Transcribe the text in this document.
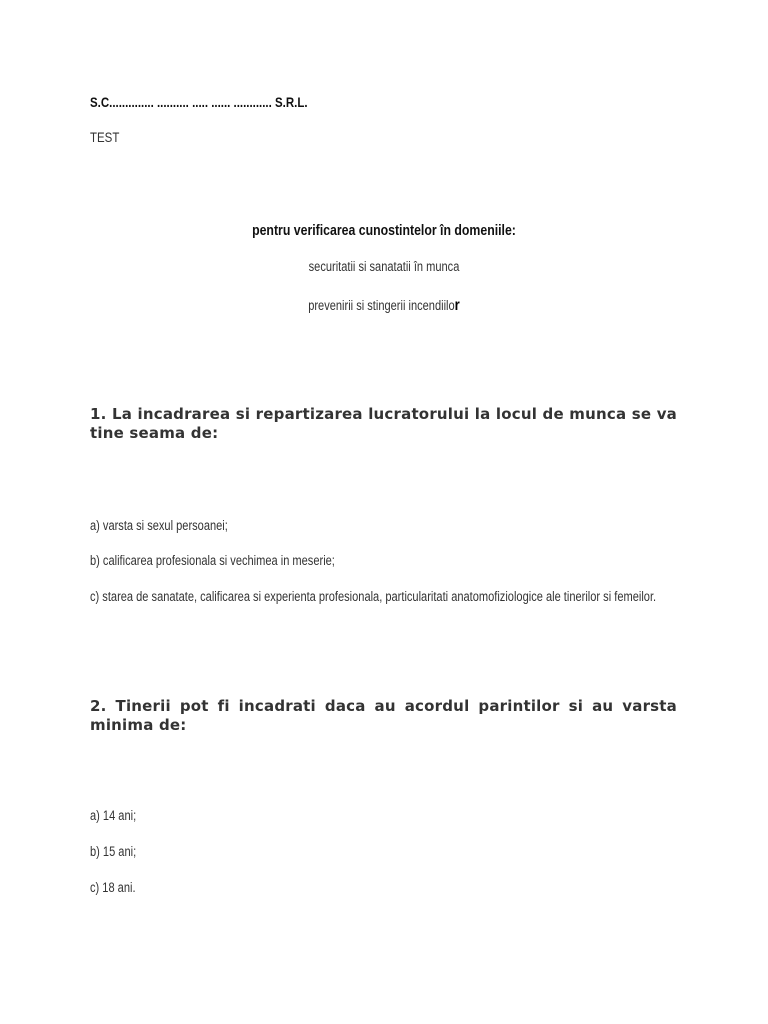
S.C.............. .......... ..... ...... ............ S.R.L.
TEST
pentru verificarea cunostintelor în domeniile:
securitatii si sanatatii în munca
prevenirii si stingerii incendiilor
1. La incadrarea si repartizarea lucratorului la locul de munca se va tine seama de:
a) varsta si sexul persoanei;
b) calificarea profesionala si vechimea in meserie;
c) starea de sanatate, calificarea si experienta profesionala, particularitati anatomofiziologice ale tinerilor si femeilor.
2. Tinerii pot fi incadrati daca au acordul parintilor si au varsta minima de:
a) 14 ani;
b) 15 ani;
c) 18 ani.
